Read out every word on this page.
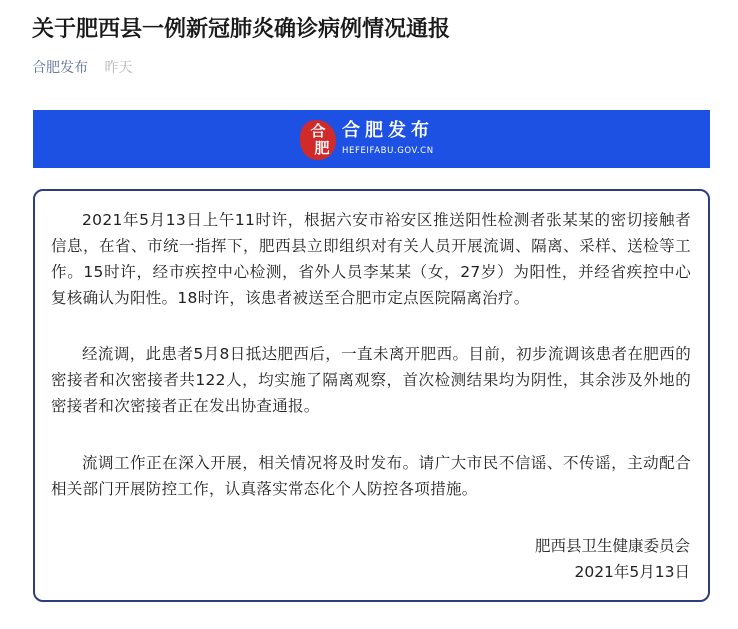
关于肥西县一例新冠肺炎确诊病例情况通报
合肥发布 昨天
合
肥
合肥发布
HEFEIFABU.GOV.CN

2021年5月13日上午11时许，根据六安市裕安区推送阳性检测者张某某的密切接触者信息，在省、市统一指挥下，肥西县立即组织对有关人员开展流调、隔离、采样、送检等工作。15时许，经市疾控中心检测，省外人员李某某（女，27岁）为阳性，并经省疾控中心复核确认为阳性。18时许，该患者被送至合肥市定点医院隔离治疗。

经流调，此患者5月8日抵达肥西后，一直未离开肥西。目前，初步流调该患者在肥西的密接者和次密接者共122人，均实施了隔离观察，首次检测结果均为阴性，其余涉及外地的密接者和次密接者正在发出协查通报。

流调工作正在深入开展，相关情况将及时发布。请广大市民不信谣、不传谣，主动配合相关部门开展防控工作，认真落实常态化个人防控各项措施。

肥西县卫生健康委员会
2021年5月13日
